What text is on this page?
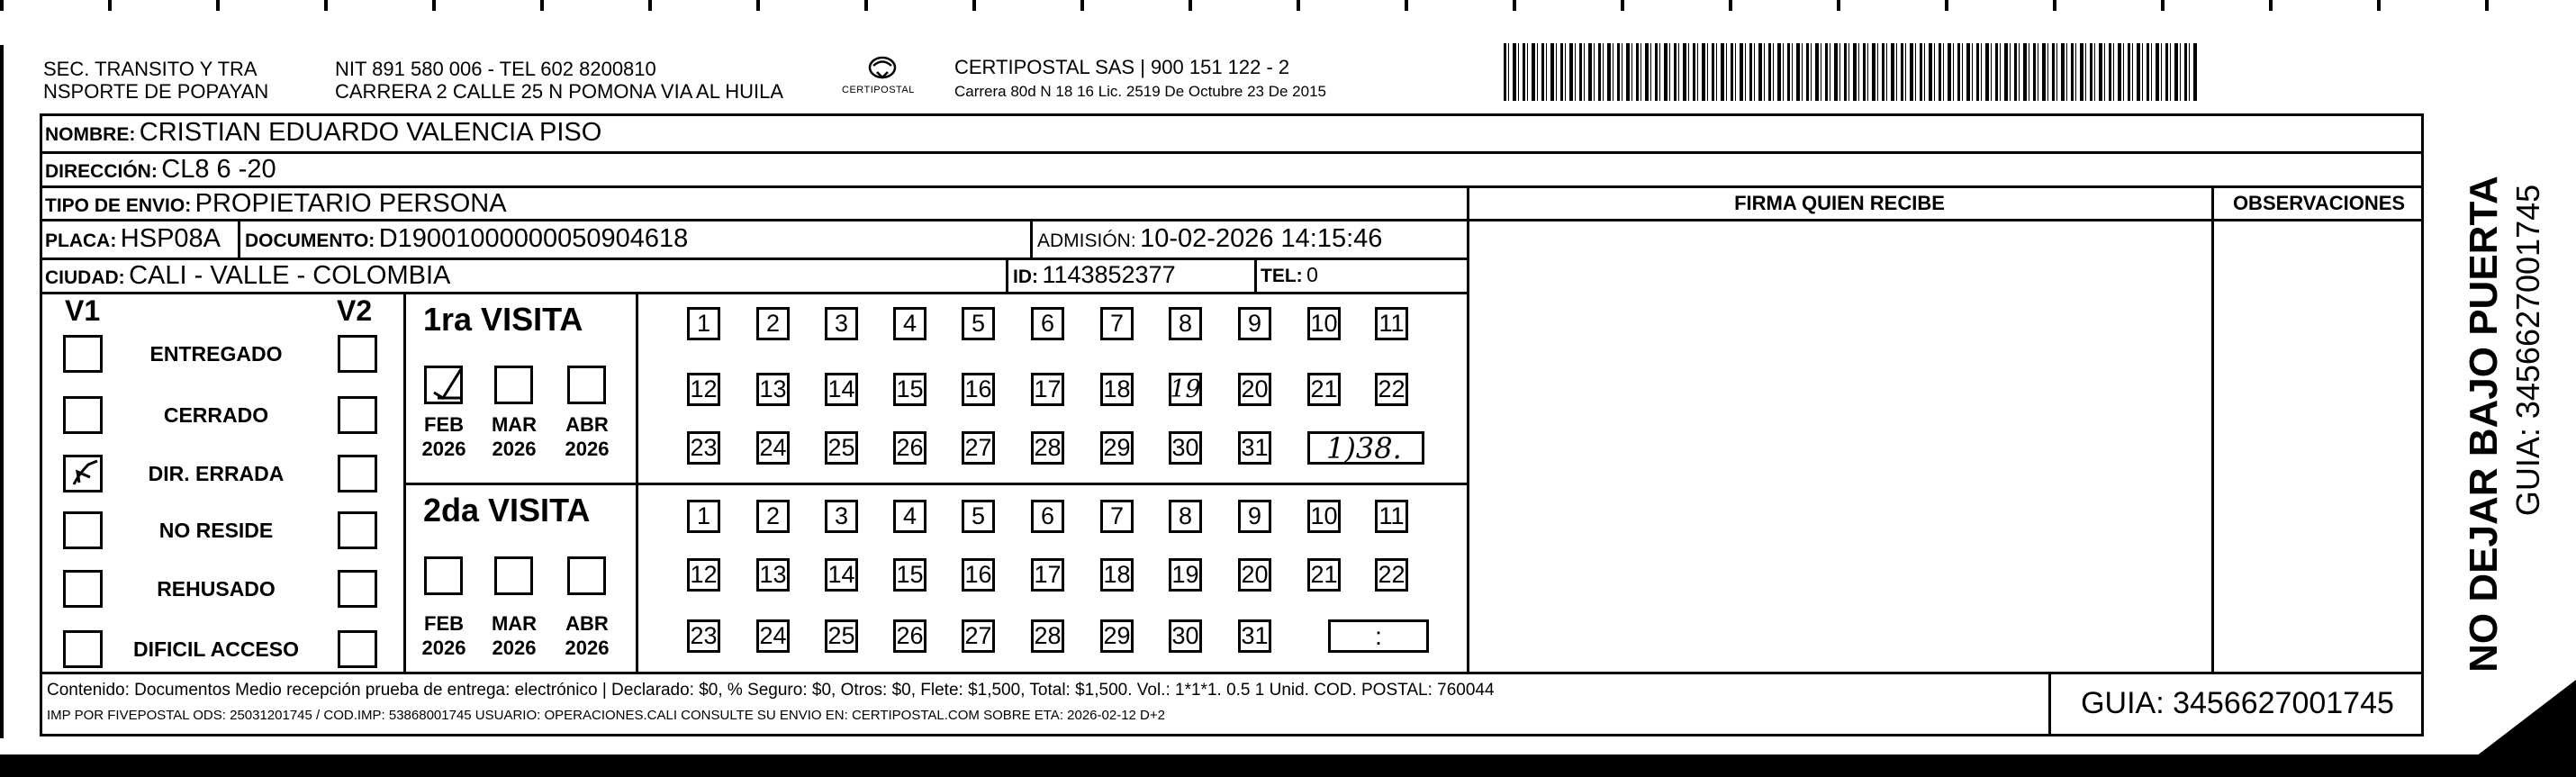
SEC. TRANSITO Y TRA
NSPORTE DE POPAYAN
NIT 891 580 006 - TEL 602 8200810
CARRERA 2 CALLE 25 N POMONA VIA AL HUILA	CERTIPOSTAL
CERTIPOSTAL SAS | 900 151 122 - 2
Carrera 80d N 18 16 Lic. 2519 De Octubre 23 De 2015
NOMBRE: CRISTIAN EDUARDO VALENCIA PISO
DIRECCIÓN: CL8 6 -20
TIPO DE ENVIO: PROPIETARIO PERSONA	FIRMA QUIEN RECIBE	OBSERVACIONES
PLACA: HSP08A DOCUMENTO: D19001000000050904618	ADMISIÓN: 10-02-2026 14:15:46
CIUDAD: CALI - VALLE - COLOMBIA	ID: 1143852377	TEL: 0
V1	V2
ENTREGADO
CERRADO
DIR. ERRADA
NO RESIDE
REHUSADO
DIFICIL ACCESO
1ra VISITA
2da VISITA
1	2	3	4	5	6	7	8	9	10 11
12 13 14 15 16 17 18 19 20 21 22
23 24 25 26 27 28 29 30 31	1)38.
FEB
2026
MAR
2026
ABR
2026
1	2	3	4	5	6	7	8	9	10 11
12 13 14 15 16 17 18 19 20 21 22
23 24 25 26 27 28 29 30 31	:
FEB
2026
MAR
2026
ABR
2026
Contenido: Documentos Medio recepción prueba de entrega: electrónico | Declarado: $0, % Seguro: $0, Otros: $0, Flete: $1,500, Total: $1,500. Vol.: 1*1*1. 0.5 1 Unid. COD. POSTAL: 760044
IMP POR FIVEPOSTAL ODS: 25031201745 / COD.IMP: 53868001745 USUARIO: OPERACIONES.CALI CONSULTE SU ENVIO EN: CERTIPOSTAL.COM SOBRE ETA: 2026-02-12 D+2	GUIA: 3456627001745
NO DEJAR BAJO PUERTA GUIA: 3456627001745
